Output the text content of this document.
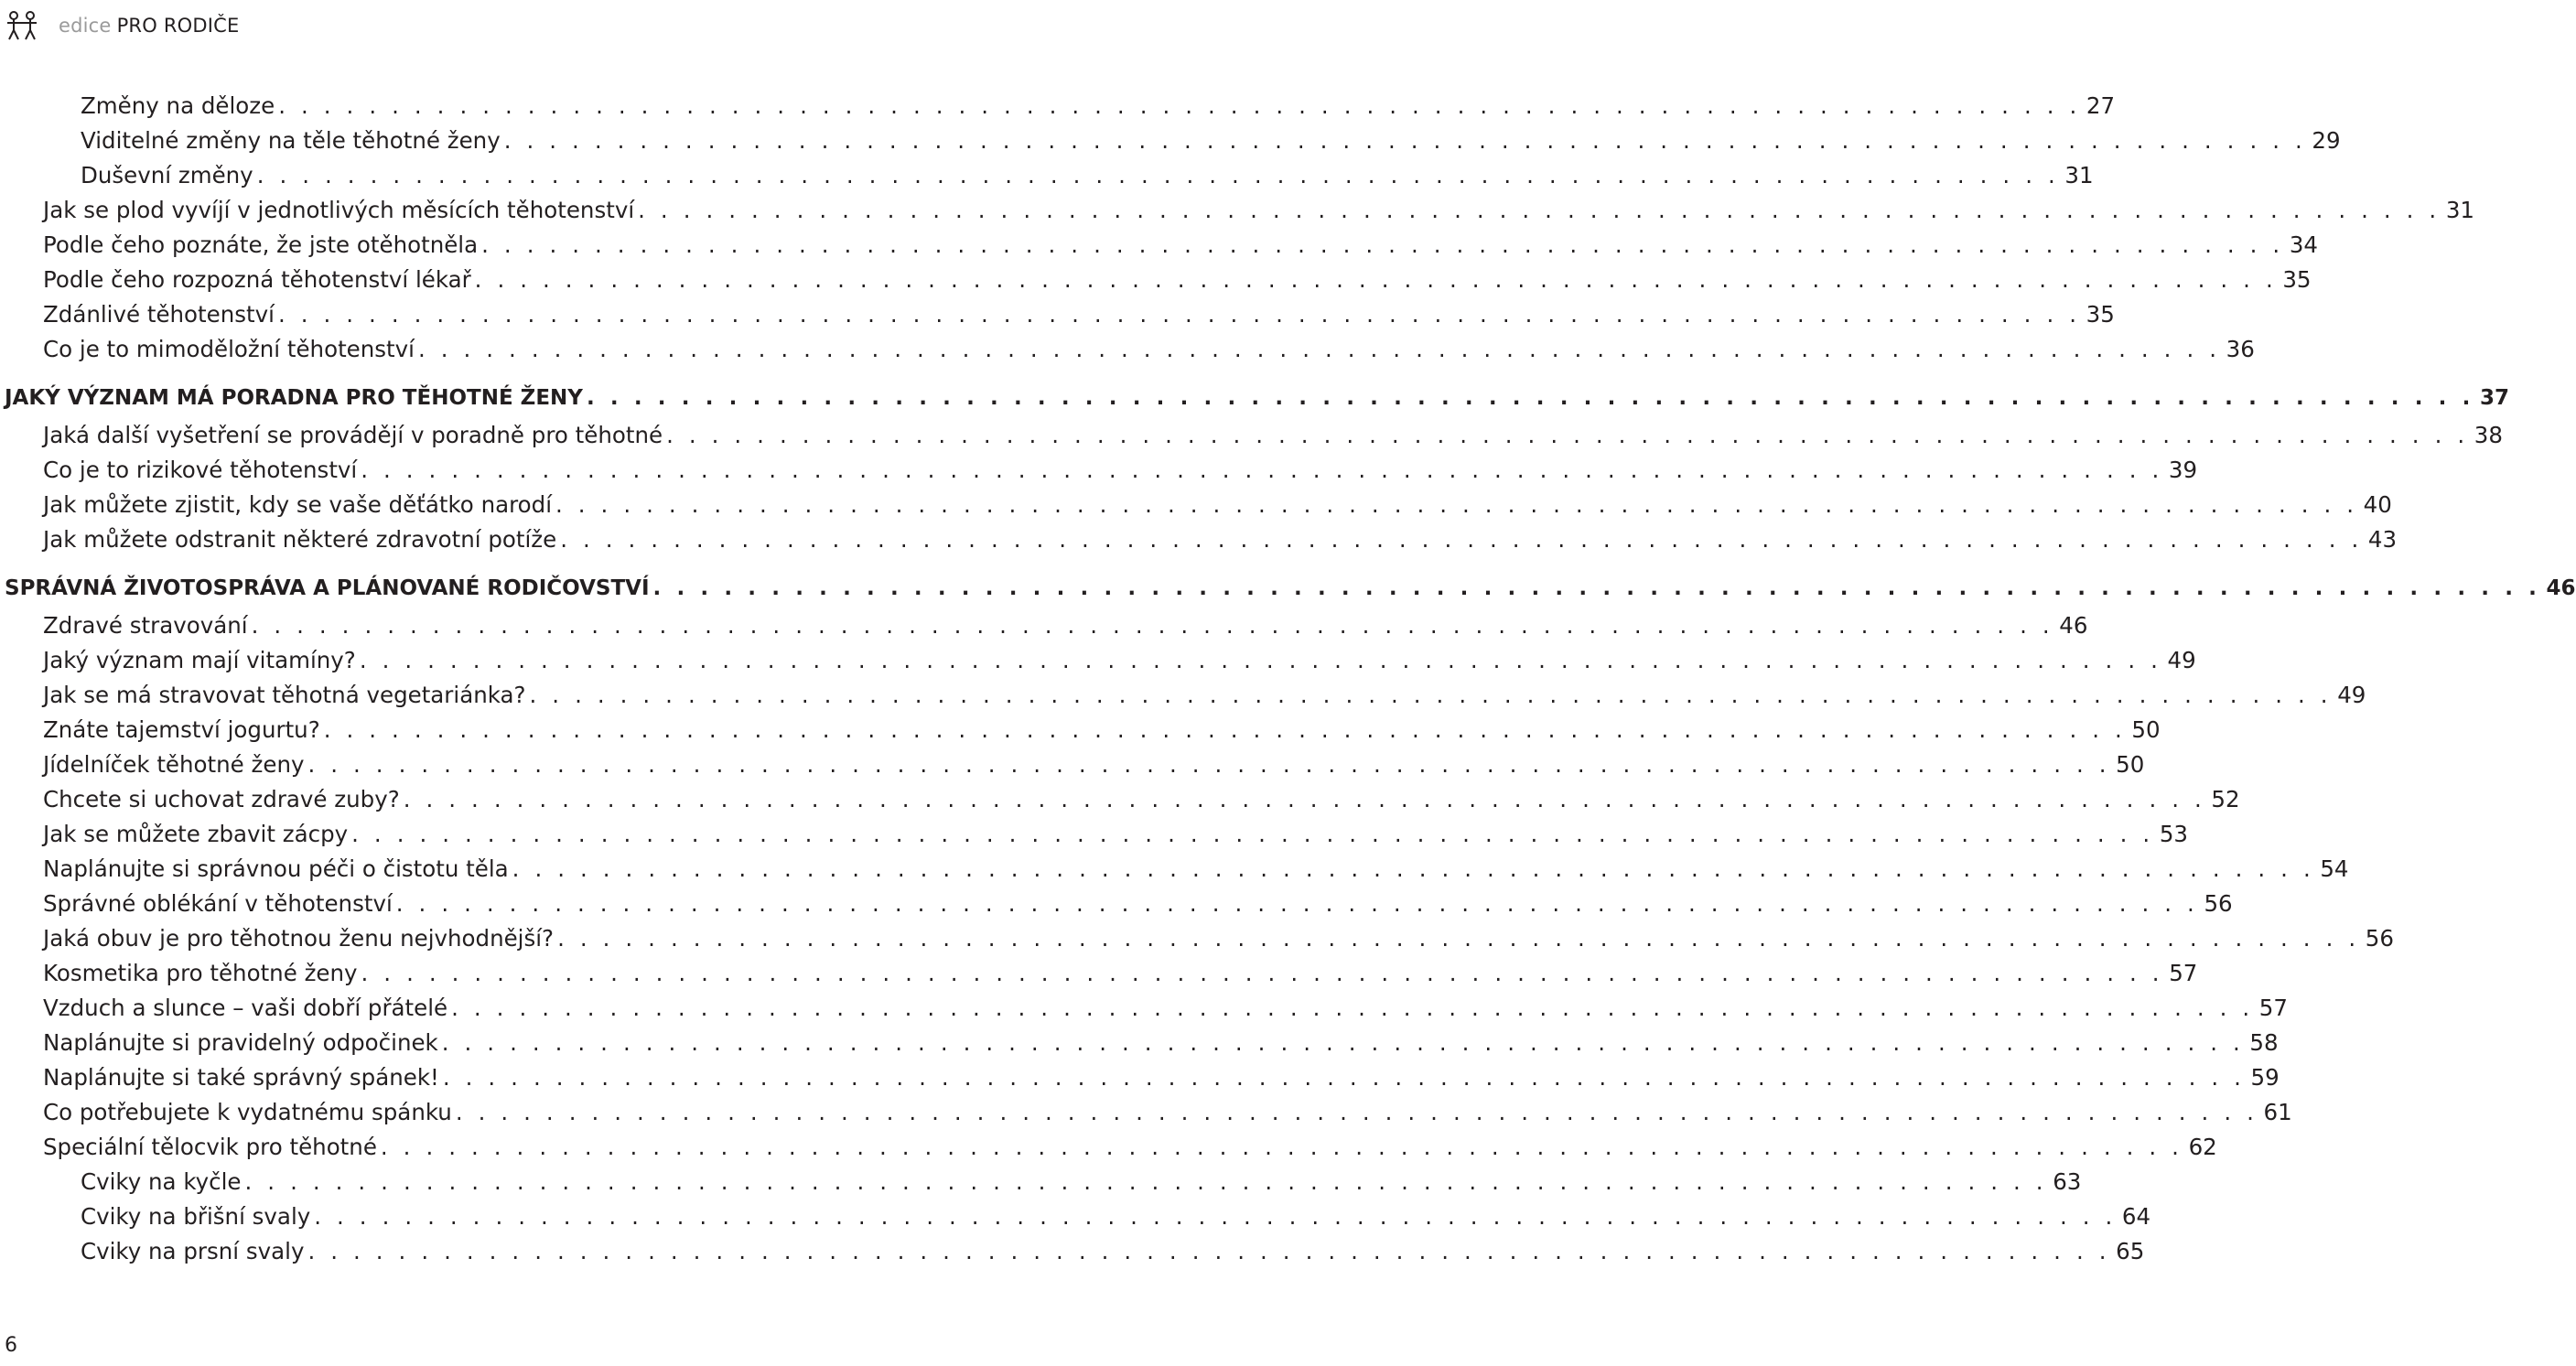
edice PRO RODIČE
Změny na děloze . . . . . . . . . . . . . . . . . . . . . . . . . . . . . . . . . . . . . . . . . . . . . . . . . . . . . . . . . . . . . . . . . . . . . . . . . . . . . . . . 27
Viditelné změny na těle těhotné ženy . . . . . . . . . . . . . . . . . . . . . . . . . . . . . . . . . . . . . . . . . . . . . . . . . . . . . . . . . . . . . . . . . . . . . . . . . . . . . . . . 29
Duševní změny . . . . . . . . . . . . . . . . . . . . . . . . . . . . . . . . . . . . . . . . . . . . . . . . . . . . . . . . . . . . . . . . . . . . . . . . . . . . . . . . 31
Jak se plod vyvíjí v jednotlivých měsících těhotenství . . . . . . . . . . . . . . . . . . . . . . . . . . . . . . . . . . . . . . . . . . . . . . . . . . . . . . . . . . . . . . . . . . . . . . . . . . . . . . . . 31
Podle čeho poznáte, že jste otěhotněla . . . . . . . . . . . . . . . . . . . . . . . . . . . . . . . . . . . . . . . . . . . . . . . . . . . . . . . . . . . . . . . . . . . . . . . . . . . . . . . . 34
Podle čeho rozpozná těhotenství lékař . . . . . . . . . . . . . . . . . . . . . . . . . . . . . . . . . . . . . . . . . . . . . . . . . . . . . . . . . . . . . . . . . . . . . . . . . . . . . . . . 35
Zdánlivé těhotenství . . . . . . . . . . . . . . . . . . . . . . . . . . . . . . . . . . . . . . . . . . . . . . . . . . . . . . . . . . . . . . . . . . . . . . . . . . . . . . . . 35
Co je to mimoděložní těhotenství . . . . . . . . . . . . . . . . . . . . . . . . . . . . . . . . . . . . . . . . . . . . . . . . . . . . . . . . . . . . . . . . . . . . . . . . . . . . . . . . 36
JAKÝ VÝZNAM MÁ PORADNA PRO TĚHOTNÉ ŽENY . . . . . . . . . . . . . . . . . . . . . . . . . . . . . . . . . . . . . . . . . . . . . . . . . . . . . . . . . . . . . . . . . . . . . . . . . . . . . . . . 37
Jaká další vyšetření se provádějí v poradně pro těhotné . . . . . . . . . . . . . . . . . . . . . . . . . . . . . . . . . . . . . . . . . . . . . . . . . . . . . . . . . . . . . . . . . . . . . . . . . . . . . . . . 38
Co je to rizikové těhotenství . . . . . . . . . . . . . . . . . . . . . . . . . . . . . . . . . . . . . . . . . . . . . . . . . . . . . . . . . . . . . . . . . . . . . . . . . . . . . . . . 39
Jak můžete zjistit, kdy se vaše děťátko narodí . . . . . . . . . . . . . . . . . . . . . . . . . . . . . . . . . . . . . . . . . . . . . . . . . . . . . . . . . . . . . . . . . . . . . . . . . . . . . . . . 40
Jak můžete odstranit některé zdravotní potíže . . . . . . . . . . . . . . . . . . . . . . . . . . . . . . . . . . . . . . . . . . . . . . . . . . . . . . . . . . . . . . . . . . . . . . . . . . . . . . . . 43
SPRÁVNÁ ŽIVOTOSPRÁVA A PLÁNOVANÉ RODIČOVSTVÍ . . . . . . . . . . . . . . . . . . . . . . . . . . . . . . . . . . . . . . . . . . . . . . . . . . . . . . . . . . . . . . . . . . . . . . . . . . . . . . . . 46
Zdravé stravování . . . . . . . . . . . . . . . . . . . . . . . . . . . . . . . . . . . . . . . . . . . . . . . . . . . . . . . . . . . . . . . . . . . . . . . . . . . . . . . . 46
Jaký význam mají vitamíny? . . . . . . . . . . . . . . . . . . . . . . . . . . . . . . . . . . . . . . . . . . . . . . . . . . . . . . . . . . . . . . . . . . . . . . . . . . . . . . . . 49
Jak se má stravovat těhotná vegetariánka? . . . . . . . . . . . . . . . . . . . . . . . . . . . . . . . . . . . . . . . . . . . . . . . . . . . . . . . . . . . . . . . . . . . . . . . . . . . . . . . . 49
Znáte tajemství jogurtu? . . . . . . . . . . . . . . . . . . . . . . . . . . . . . . . . . . . . . . . . . . . . . . . . . . . . . . . . . . . . . . . . . . . . . . . . . . . . . . . . 50
Jídelníček těhotné ženy . . . . . . . . . . . . . . . . . . . . . . . . . . . . . . . . . . . . . . . . . . . . . . . . . . . . . . . . . . . . . . . . . . . . . . . . . . . . . . . . 50
Chcete si uchovat zdravé zuby? . . . . . . . . . . . . . . . . . . . . . . . . . . . . . . . . . . . . . . . . . . . . . . . . . . . . . . . . . . . . . . . . . . . . . . . . . . . . . . . . 52
Jak se můžete zbavit zácpy . . . . . . . . . . . . . . . . . . . . . . . . . . . . . . . . . . . . . . . . . . . . . . . . . . . . . . . . . . . . . . . . . . . . . . . . . . . . . . . . 53
Naplánujte si správnou péči o čistotu těla . . . . . . . . . . . . . . . . . . . . . . . . . . . . . . . . . . . . . . . . . . . . . . . . . . . . . . . . . . . . . . . . . . . . . . . . . . . . . . . . 54
Správné oblékání v těhotenství . . . . . . . . . . . . . . . . . . . . . . . . . . . . . . . . . . . . . . . . . . . . . . . . . . . . . . . . . . . . . . . . . . . . . . . . . . . . . . . . 56
Jaká obuv je pro těhotnou ženu nejvhodnější? . . . . . . . . . . . . . . . . . . . . . . . . . . . . . . . . . . . . . . . . . . . . . . . . . . . . . . . . . . . . . . . . . . . . . . . . . . . . . . . . 56
Kosmetika pro těhotné ženy . . . . . . . . . . . . . . . . . . . . . . . . . . . . . . . . . . . . . . . . . . . . . . . . . . . . . . . . . . . . . . . . . . . . . . . . . . . . . . . . 57
Vzduch a slunce – vaši dobří přátelé . . . . . . . . . . . . . . . . . . . . . . . . . . . . . . . . . . . . . . . . . . . . . . . . . . . . . . . . . . . . . . . . . . . . . . . . . . . . . . . . 57
Naplánujte si pravidelný odpočinek . . . . . . . . . . . . . . . . . . . . . . . . . . . . . . . . . . . . . . . . . . . . . . . . . . . . . . . . . . . . . . . . . . . . . . . . . . . . . . . . 58
Naplánujte si také správný spánek! . . . . . . . . . . . . . . . . . . . . . . . . . . . . . . . . . . . . . . . . . . . . . . . . . . . . . . . . . . . . . . . . . . . . . . . . . . . . . . . . 59
Co potřebujete k vydatnému spánku . . . . . . . . . . . . . . . . . . . . . . . . . . . . . . . . . . . . . . . . . . . . . . . . . . . . . . . . . . . . . . . . . . . . . . . . . . . . . . . . 61
Speciální tělocvik pro těhotné . . . . . . . . . . . . . . . . . . . . . . . . . . . . . . . . . . . . . . . . . . . . . . . . . . . . . . . . . . . . . . . . . . . . . . . . . . . . . . . . 62
Cviky na kyčle . . . . . . . . . . . . . . . . . . . . . . . . . . . . . . . . . . . . . . . . . . . . . . . . . . . . . . . . . . . . . . . . . . . . . . . . . . . . . . . . 63
Cviky na břišní svaly . . . . . . . . . . . . . . . . . . . . . . . . . . . . . . . . . . . . . . . . . . . . . . . . . . . . . . . . . . . . . . . . . . . . . . . . . . . . . . . . 64
Cviky na prsní svaly . . . . . . . . . . . . . . . . . . . . . . . . . . . . . . . . . . . . . . . . . . . . . . . . . . . . . . . . . . . . . . . . . . . . . . . . . . . . . . . . 65
6
